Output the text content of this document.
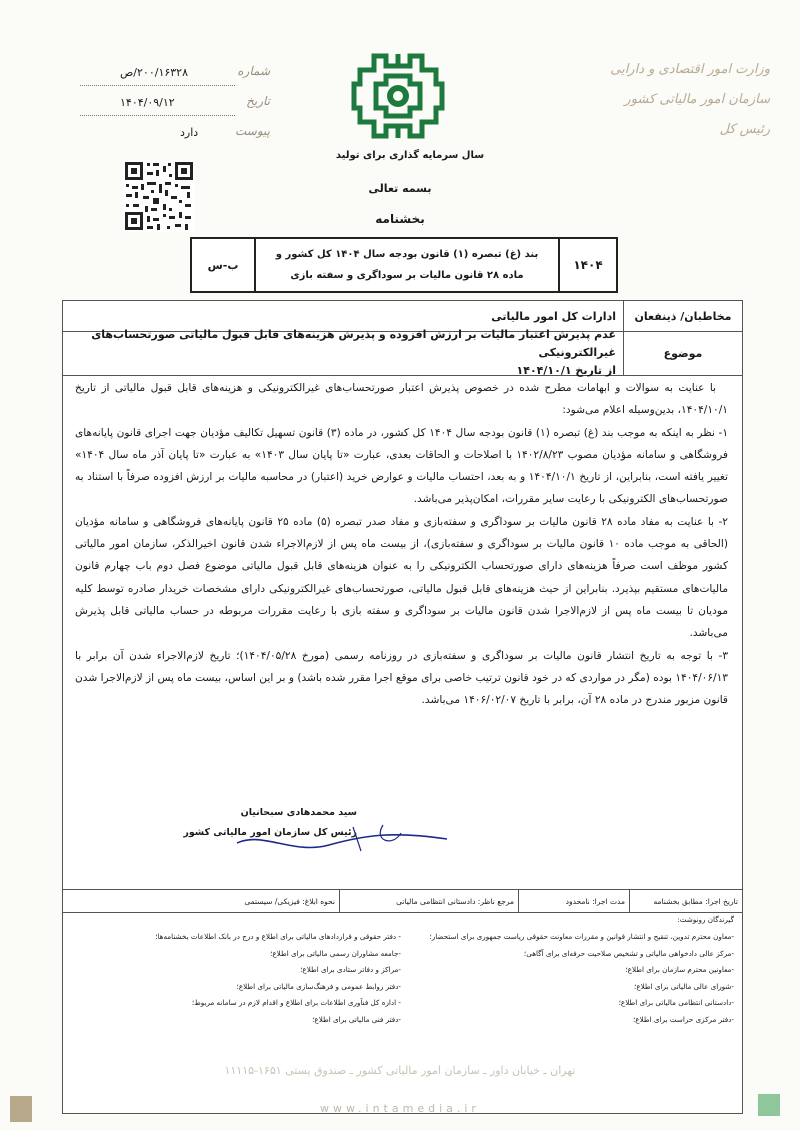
وزارت امور اقتصادی و دارایی
سازمان امور مالیاتی کشور
رئیس کل
شماره
۲۰۰/۱۶۳۲۸/ص
تاریخ
۱۴۰۴/۰۹/۱۲
پیوست
دارد
سال سرمایه گذاری برای تولید
بسمه تعالی
بخشنامه
۱۴۰۴
بند (غ) تبصره (۱) قانون بودجه سال ۱۴۰۴ کل کشور و
ماده ۲۸ قانون مالیات بر سوداگری و سفته بازی
ب-س
مخاطبان/ ذینفعان
ادارات کل امور مالیاتی
موضوع
عدم پذیرش اعتبار مالیات بر ارزش افزوده و پذیرش هزینه‌های قابل قبول مالیاتی صورتحساب‌های غیرالکترونیکی
از تاریخ ۱۴۰۴/۱۰/۱

با عنایت به سوالات و ابهامات مطرح شده در خصوص پذیرش اعتبار صورتحساب‌های غیرالکترونیکی و هزینه‌های قابل قبول مالیاتی از تاریخ ۱۴۰۴/۱۰/۱، بدین‌وسیله اعلام می‌شود:

۱- نظر به اینکه به موجب بند (غ) تبصره (۱) قانون بودجه سال ۱۴۰۴ کل کشور، در ماده (۳) قانون تسهیل تکالیف مؤدیان جهت اجرای قانون پایانه‌های فروشگاهی و سامانه مؤدیان مصوب ۱۴۰۲/۸/۲۳ با اصلاحات و الحاقات بعدی، عبارت «تا پایان سال ۱۴۰۳» به عبارت «تا پایان آذر ماه سال ۱۴۰۴» تغییر یافته است، بنابراین، از تاریخ ۱۴۰۴/۱۰/۱ و به بعد، احتساب مالیات و عوارض خرید (اعتبار) در محاسبه مالیات بر ارزش افزوده صرفاً با استناد به صورتحساب‌های الکترونیکی با رعایت سایر مقررات، امکان‌پذیر می‌باشد.

۲- با عنایت به مفاد ماده ۲۸ قانون مالیات بر سوداگری و سفته‌بازی و مفاد صدر تبصره (۵) ماده ۲۵ قانون پایانه‌های فروشگاهی و سامانه مؤدیان (الحاقی به موجب ماده ۱۰ قانون مالیات بر سوداگری و سفته‌بازی)، از بیست ماه پس از لازم‌الاجراء شدن قانون اخیرالذکر، سازمان امور مالیاتی کشور موظف است صرفاً هزینه‌های دارای صورتحساب الکترونیکی را به عنوان هزینه‌های قابل قبول مالیاتی موضوع فصل دوم باب چهارم قانون مالیات‌های مستقیم بپذیرد. بنابراین از حیث هزینه‌های قابل قبول مالیاتی، صورتحساب‌های غیرالکترونیکی دارای مشخصات خریدار صادره توسط کلیه مودیان تا بیست ماه پس از لازم‌الاجرا شدن قانون مالیات بر سوداگری و سفته بازی با رعایت مقررات مربوطه در حساب مالیاتی قابل پذیرش می‌باشد.

۳- با توجه به تاریخ انتشار قانون مالیات بر سوداگری و سفته‌بازی در روزنامه رسمی (مورخ ۱۴۰۴/۰۵/۲۸)؛ تاریخ لازم‌الاجراء شدن آن برابر با ۱۴۰۴/۰۶/۱۳ بوده (مگر در مواردی که در خود قانون ترتیب خاصی برای موقع اجرا مقرر شده باشد) و بر این اساس، بیست ماه پس از لازم‌الاجرا شدن قانون مزبور مندرج در ماده ۲۸ آن، برابر با تاریخ ۱۴۰۶/۰۲/۰۷ می‌باشد.

سید محمدهادی سبحانیان
رئیس کل سازمان امور مالیاتی کشور
تاریخ اجرا: مطابق بخشنامه
مدت اجرا: نامحدود
مرجع ناظر: دادستانی انتظامی مالیاتی
نحوه ابلاغ: فیزیکی/ سیستمی
گیرندگان رونوشت:
-معاون محترم تدوین، تنقیح و انتشار قوانین و مقررات معاونت حقوقی ریاست جمهوری برای استحضار؛
-مرکز عالی دادخواهی مالیاتی و تشخیص صلاحیت حرفه‌ای برای آگاهی؛
-معاونین محترم سازمان برای اطلاع؛
-شورای عالی مالیاتی برای اطلاع؛
-دادستانی انتظامی مالیاتی برای اطلاع؛
-دفتر مرکزی حراست برای اطلاع؛
- دفتر حقوقی و قراردادهای مالیاتی برای اطلاع و درج در بانک اطلاعات بخشنامه‌ها؛
-جامعه مشاوران رسمی مالیاتی برای اطلاع؛
-مراکز و دفاتر ستادی برای اطلاع؛
-دفتر روابط عمومی و فرهنگ‌سازی مالیاتی برای اطلاع؛
- اداره کل فنآوری اطلاعات برای اطلاع و اقدام لازم در سامانه مربوط؛
-دفتر فنی مالیاتی برای اطلاع؛
تهران ـ خیابان داور ـ سازمان امور مالیاتی کشور ـ صندوق پستی ۱۶۵۱-۱۱۱۱۵
www.intamedia.ir
